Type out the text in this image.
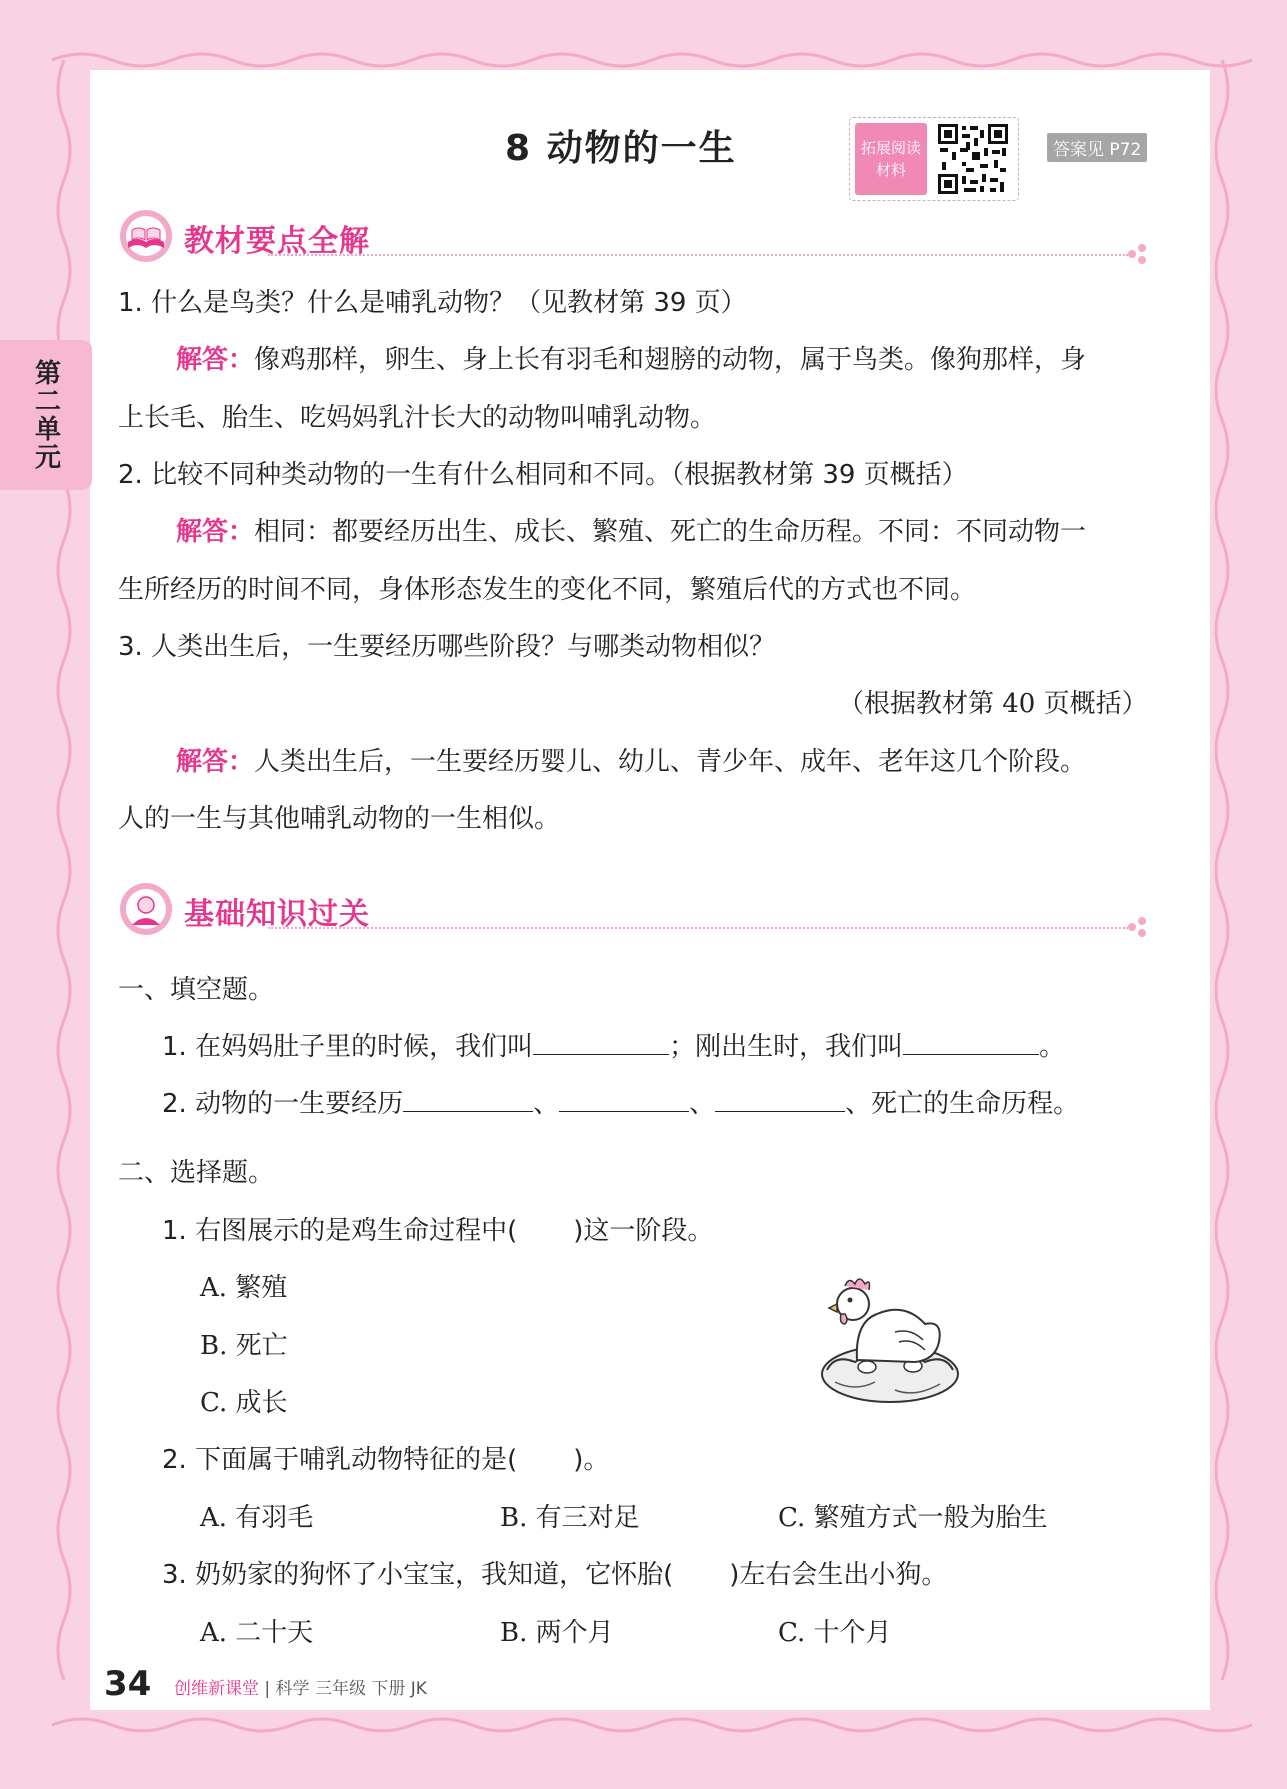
第二单元
8 动物的一生	拓展阅读材料
答案见 P72
教材要点全解
1. 什么是鸟类？什么是哺乳动物？（见教材第 39 页）
解答：像鸡那样，卵生、身上长有羽毛和翅膀的动物，属于鸟类。像狗那样，身
上长毛、胎生、吃妈妈乳汁长大的动物叫哺乳动物。
2. 比较不同种类动物的一生有什么相同和不同。（根据教材第 39 页概括）
解答：相同：都要经历出生、成长、繁殖、死亡的生命历程。不同：不同动物一
生所经历的时间不同，身体形态发生的变化不同，繁殖后代的方式也不同。
3. 人类出生后，一生要经历哪些阶段？与哪类动物相似？
（根据教材第 40 页概括）
解答：人类出生后，一生要经历婴儿、幼儿、青少年、成年、老年这几个阶段。
人的一生与其他哺乳动物的一生相似。
基础知识过关
一、填空题。
1. 在妈妈肚子里的时候，我们叫	；刚出生时，我们叫	。
2. 动物的一生要经历	、	、	、死亡的生命历程。
二、选择题。
1. 右图展示的是鸡生命过程中( )这一阶段。
A. 繁殖
B. 死亡
C. 成长
2. 下面属于哺乳动物特征的是( )。
A. 有羽毛	B. 有三对足	C. 繁殖方式一般为胎生
3. 奶奶家的狗怀了小宝宝，我知道，它怀胎( )左右会生出小狗。
A. 二十天	B. 两个月	C. 十个月
34 创维新课堂 | 科学 三年级 下册 JK
